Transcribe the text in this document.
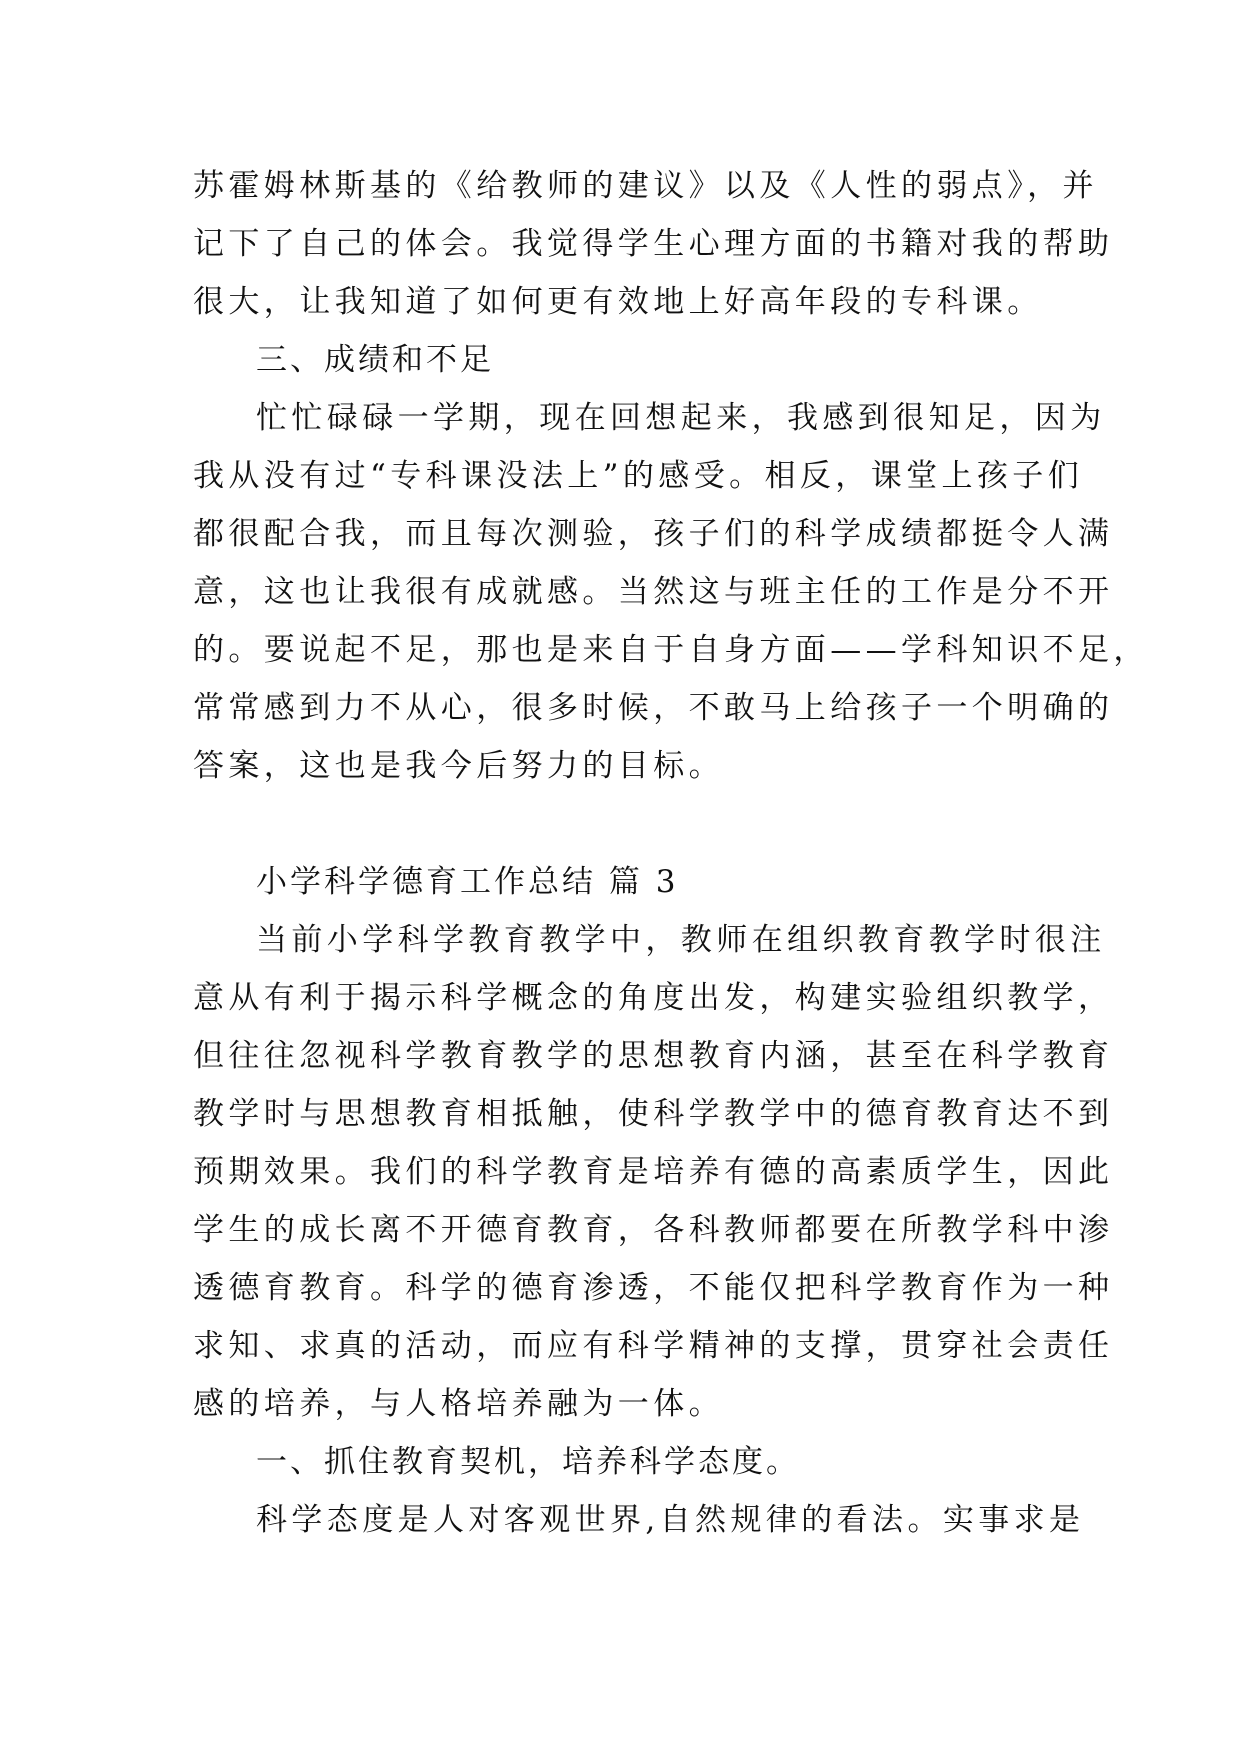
苏霍姆林斯基的《给教师的建议》以及《人性的弱点》，并
记下了自己的体会。我觉得学生心理方面的书籍对我的帮助
很大，让我知道了如何更有效地上好高年段的专科课。
三、成绩和不足
忙忙碌碌一学期，现在回想起来，我感到很知足，因为
我从没有过“专科课没法上”的感受。相反，课堂上孩子们
都很配合我，而且每次测验，孩子们的科学成绩都挺令人满
意，这也让我很有成就感。当然这与班主任的工作是分不开
的。要说起不足，那也是来自于自身方面——学科知识不足，
常常感到力不从心，很多时候，不敢马上给孩子一个明确的
答案，这也是我今后努力的目标。
小学科学德育工作总结 篇 3
当前小学科学教育教学中，教师在组织教育教学时很注
意从有利于揭示科学概念的角度出发，构建实验组织教学，
但往往忽视科学教育教学的思想教育内涵，甚至在科学教育
教学时与思想教育相抵触，使科学教学中的德育教育达不到
预期效果。我们的科学教育是培养有德的高素质学生，因此
学生的成长离不开德育教育，各科教师都要在所教学科中渗
透德育教育。科学的德育渗透，不能仅把科学教育作为一种
求知、求真的活动，而应有科学精神的支撑，贯穿社会责任
感的培养，与人格培养融为一体。
一、抓住教育契机，培养科学态度。
科学态度是人对客观世界,自然规律的看法。实事求是
